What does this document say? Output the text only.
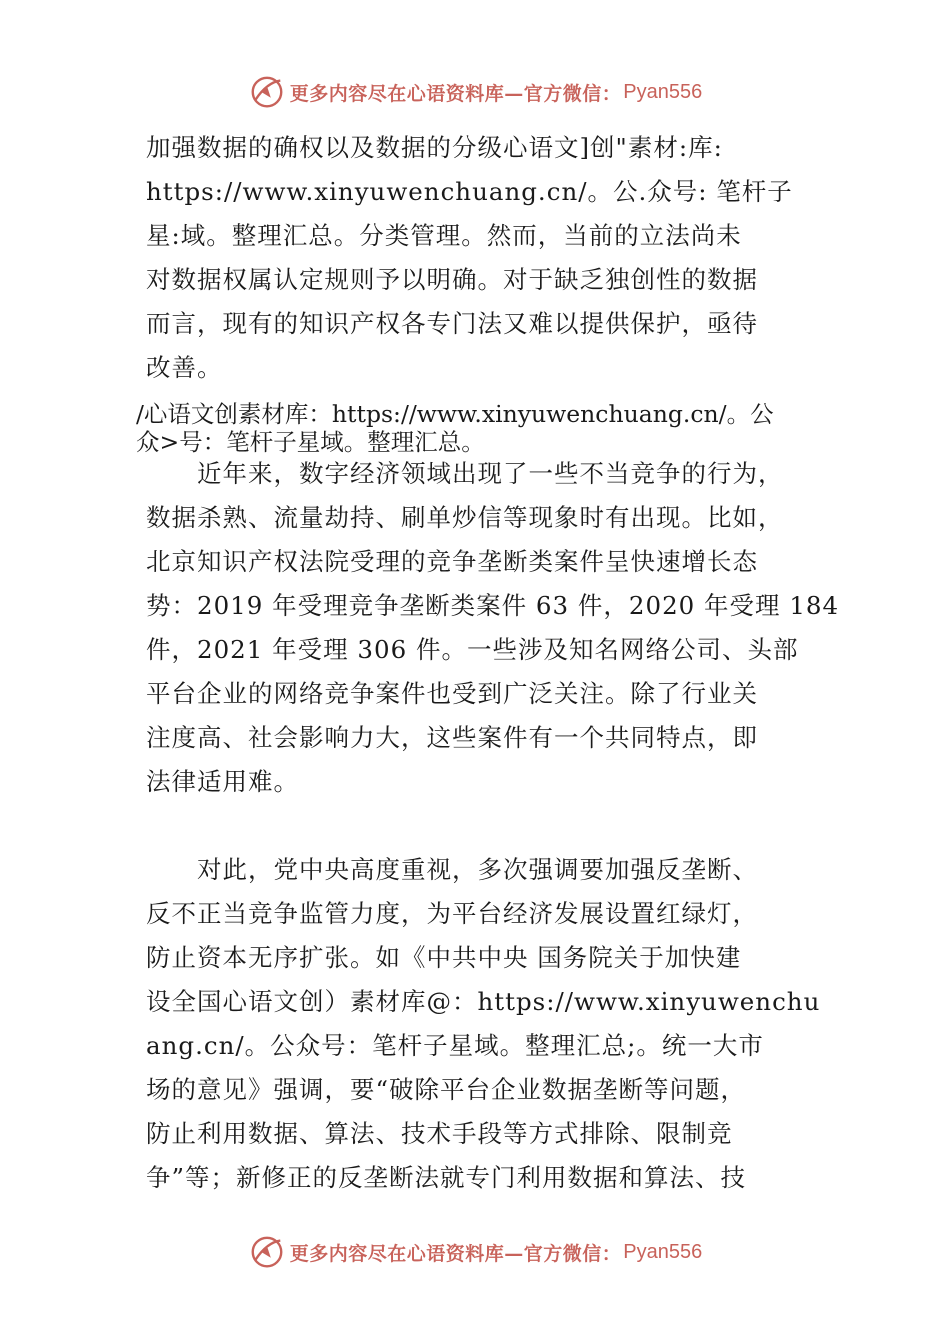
更多内容尽在心语资料库—官方微信： Pyan556
加强数据的确权以及数据的分级心语文]创"素材:库:
https://www.xinyuwenchuang.cn/。公.众号: 笔杆子
星:域。整理汇总。分类管理。然而，当前的立法尚未
对数据权属认定规则予以明确。对于缺乏独创性的数据
而言，现有的知识产权各专门法又难以提供保护，亟待
改善。
/心语文创素材库：https://www.xinyuwenchuang.cn/。公
众>号：笔杆子星域。整理汇总。
　　近年来，数字经济领域出现了一些不当竞争的行为，
数据杀熟、流量劫持、刷单炒信等现象时有出现。比如，
北京知识产权法院受理的竞争垄断类案件呈快速增长态
势：2019 年受理竞争垄断类案件 63 件，2020 年受理 184
件，2021 年受理 306 件。一些涉及知名网络公司、头部
平台企业的网络竞争案件也受到广泛关注。除了行业关
注度高、社会影响力大，这些案件有一个共同特点，即
法律适用难。
　　对此，党中央高度重视，多次强调要加强反垄断、
反不正当竞争监管力度，为平台经济发展设置红绿灯，
防止资本无序扩张。如《中共中央 国务院关于加快建
设全国心语文创）素材库@：https://www.xinyuwenchu
ang.cn/。公众号：笔杆子星域。整理汇总;。统一大市
场的意见》强调，要“破除平台企业数据垄断等问题，
防止利用数据、算法、技术手段等方式排除、限制竞
争”等；新修正的反垄断法就专门利用数据和算法、技
更多内容尽在心语资料库—官方微信： Pyan556
